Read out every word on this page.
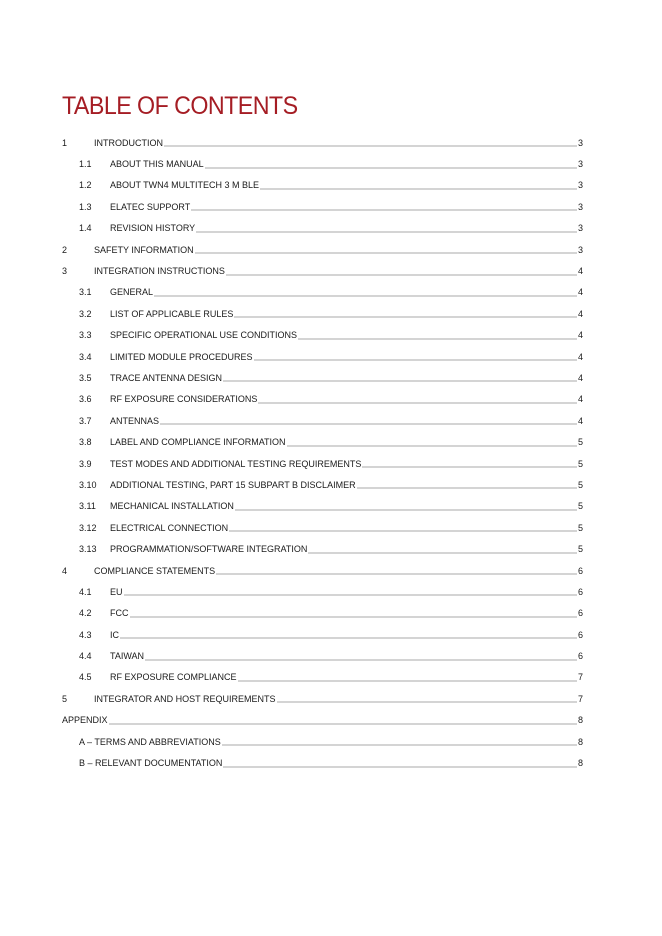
TABLE OF CONTENTS
1	INTRODUCTION	3
1.1	ABOUT THIS MANUAL	3
1.2	ABOUT TWN4 MULTITECH 3 M BLE	3
1.3	ELATEC SUPPORT	3
1.4	REVISION HISTORY	3
2	SAFETY INFORMATION	3
3	INTEGRATION INSTRUCTIONS	4
3.1	GENERAL	4
3.2	LIST OF APPLICABLE RULES	4
3.3	SPECIFIC OPERATIONAL USE CONDITIONS	4
3.4	LIMITED MODULE PROCEDURES	4
3.5	TRACE ANTENNA DESIGN	4
3.6	RF EXPOSURE CONSIDERATIONS	4
3.7	ANTENNAS	4
3.8	LABEL AND COMPLIANCE INFORMATION	5
3.9	TEST MODES AND ADDITIONAL TESTING REQUIREMENTS	5
3.10	ADDITIONAL TESTING, PART 15 SUBPART B DISCLAIMER	5
3.11	MECHANICAL INSTALLATION	5
3.12	ELECTRICAL CONNECTION	5
3.13	PROGRAMMATION/SOFTWARE INTEGRATION	5
4	COMPLIANCE STATEMENTS	6
4.1	EU	6
4.2	FCC	6
4.3	IC	6
4.4	TAIWAN	6
4.5	RF EXPOSURE COMPLIANCE	7
5	INTEGRATOR AND HOST REQUIREMENTS	7
APPENDIX	8
A – TERMS AND ABBREVIATIONS	8
B – RELEVANT DOCUMENTATION	8
